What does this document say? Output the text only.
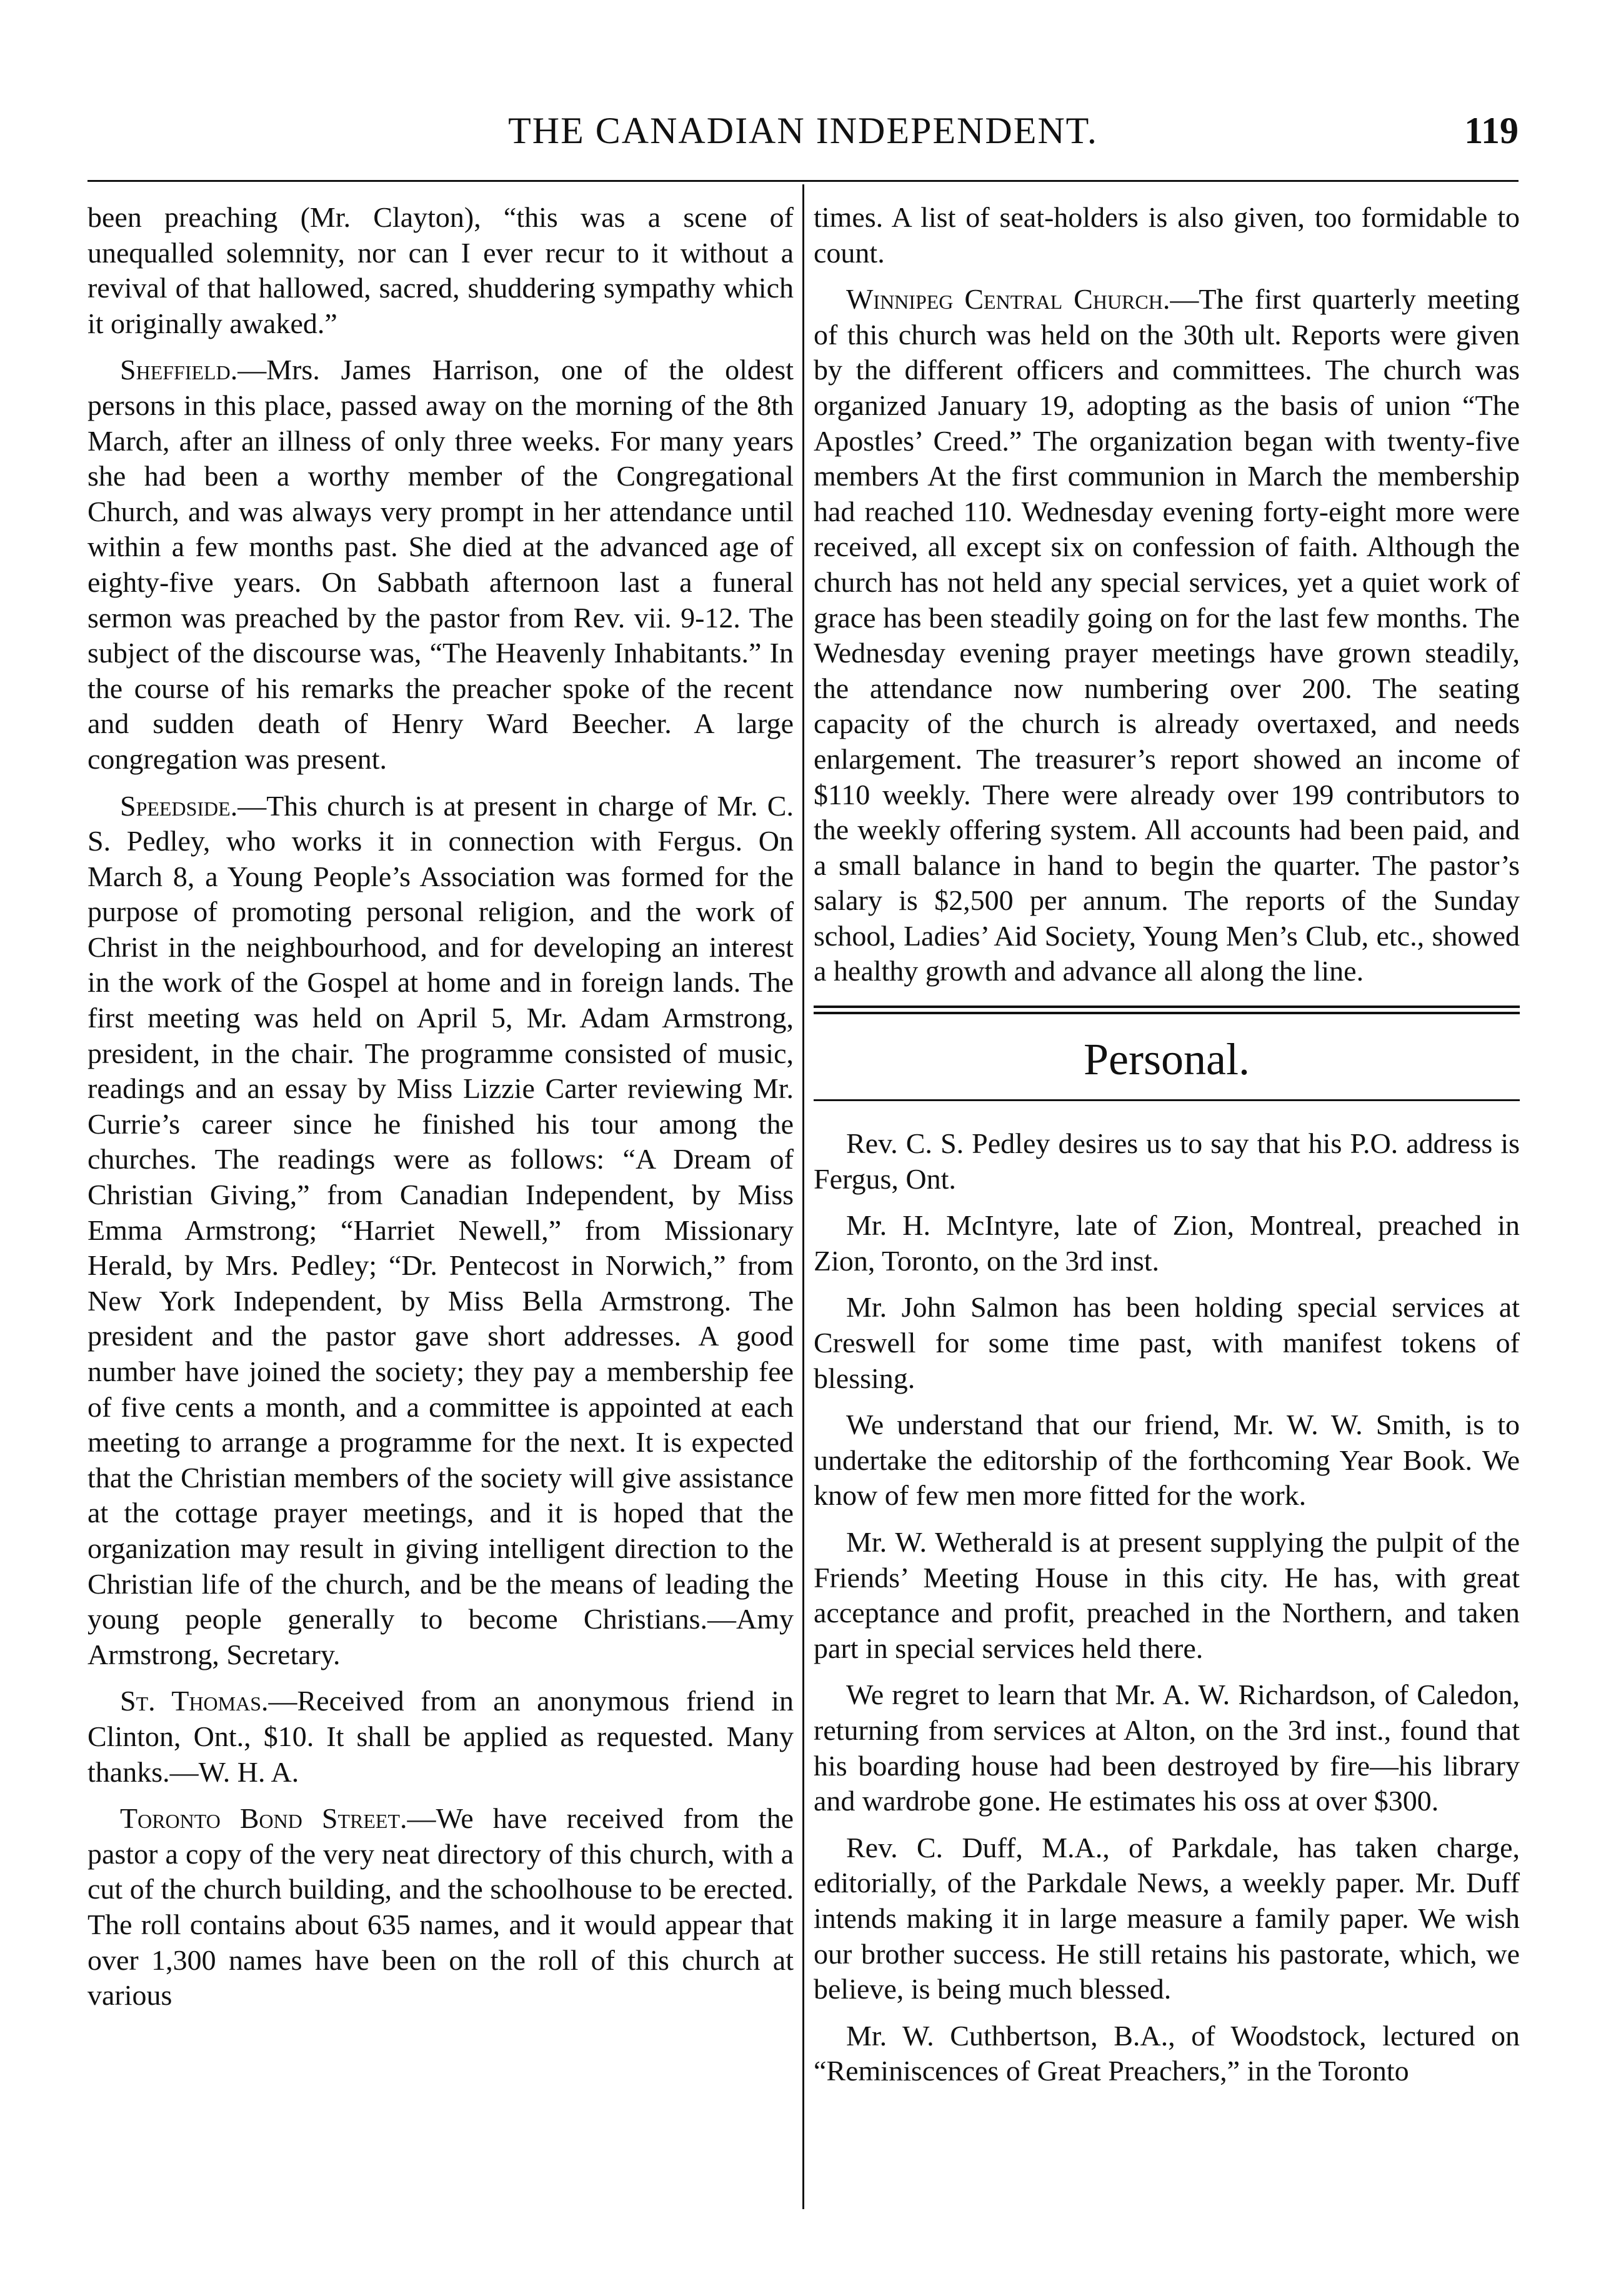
THE CANADIAN INDEPENDENT.	119

been preaching (Mr. Clayton), “this was a scene of unequalled solemnity, nor can I ever recur to it without a revival of that hallowed, sacred, shuddering sympathy which it originally awaked.”

Sheffield.—Mrs. James Harrison, one of the oldest persons in this place, passed away on the morning of the 8th March, after an illness of only three weeks. For many years she had been a worthy member of the Congregational Church, and was always very prompt in her attendance until within a few months past. She died at the advanced age of eighty-five years. On Sabbath afternoon last a funeral sermon was preached by the pastor from Rev. vii. 9-12. The subject of the discourse was, “The Heavenly Inhabitants.” In the course of his remarks the preacher spoke of the recent and sudden death of Henry Ward Beecher. A large congregation was present.

Speedside.—This church is at present in charge of Mr. C. S. Pedley, who works it in connection with Fergus. On March 8, a Young People’s Association was formed for the purpose of promoting personal religion, and the work of Christ in the neighbourhood, and for developing an interest in the work of the Gospel at home and in foreign lands. The first meeting was held on April 5, Mr. Adam Armstrong, president, in the chair. The programme consisted of music, readings and an essay by Miss Lizzie Carter reviewing Mr. Currie’s career since he finished his tour among the churches. The readings were as follows: “A Dream of Christian Giving,” from Canadian Independent, by Miss Emma Armstrong; “Harriet Newell,” from Missionary Herald, by Mrs. Pedley; “Dr. Pentecost in Norwich,” from New York Independent, by Miss Bella Armstrong. The president and the pastor gave short addresses. A good number have joined the society; they pay a membership fee of five cents a month, and a committee is appointed at each meeting to arrange a programme for the next. It is expected that the Christian members of the society will give assistance at the cottage prayer meetings, and it is hoped that the organization may result in giving intelligent direction to the Christian life of the church, and be the means of leading the young people generally to become Christians.—Amy Armstrong, Secretary.

St. Thomas.—Received from an anonymous friend in Clinton, Ont., $10. It shall be applied as requested. Many thanks.—W. H. A.

Toronto Bond Street.—We have received from the pastor a copy of the very neat directory of this church, with a cut of the church building, and the schoolhouse to be erected. The roll contains about 635 names, and it would appear that over 1,300 names have been on the roll of this church at various

times. A list of seat-holders is also given, too formidable to count.

Winnipeg Central Church.—The first quarterly meeting of this church was held on the 30th ult. Reports were given by the different officers and committees. The church was organized January 19, adopting as the basis of union “The Apostles’ Creed.” The organization began with twenty-five members At the first communion in March the membership had reached 110. Wednesday evening forty-eight more were received, all except six on confession of faith. Although the church has not held any special services, yet a quiet work of grace has been steadily going on for the last few months. The Wednesday evening prayer meetings have grown steadily, the attendance now numbering over 200. The seating capacity of the church is already overtaxed, and needs enlargement. The treasurer’s report showed an income of $110 weekly. There were already over 199 contributors to the weekly offering system. All accounts had been paid, and a small balance in hand to begin the quarter. The pastor’s salary is $2,500 per annum. The reports of the Sunday school, Ladies’ Aid Society, Young Men’s Club, etc., showed a healthy growth and advance all along the line.

Personal.

Rev. C. S. Pedley desires us to say that his P.O. address is Fergus, Ont.

Mr. H. McIntyre, late of Zion, Montreal, preached in Zion, Toronto, on the 3rd inst.

Mr. John Salmon has been holding special services at Creswell for some time past, with manifest tokens of blessing.

We understand that our friend, Mr. W. W. Smith, is to undertake the editorship of the forthcoming Year Book. We know of few men more fitted for the work.

Mr. W. Wetherald is at present supplying the pulpit of the Friends’ Meeting House in this city. He has, with great acceptance and profit, preached in the Northern, and taken part in special services held there.

We regret to learn that Mr. A. W. Richardson, of Caledon, returning from services at Alton, on the 3rd inst., found that his boarding house had been destroyed by fire—his library and wardrobe gone. He estimates his oss at over $300.

Rev. C. Duff, M.A., of Parkdale, has taken charge, editorially, of the Parkdale News, a weekly paper. Mr. Duff intends making it in large measure a family paper. We wish our brother success. He still retains his pastorate, which, we believe, is being much blessed.

Mr. W. Cuthbertson, B.A., of Woodstock, lectured on “Reminiscences of Great Preachers,” in the Toronto
